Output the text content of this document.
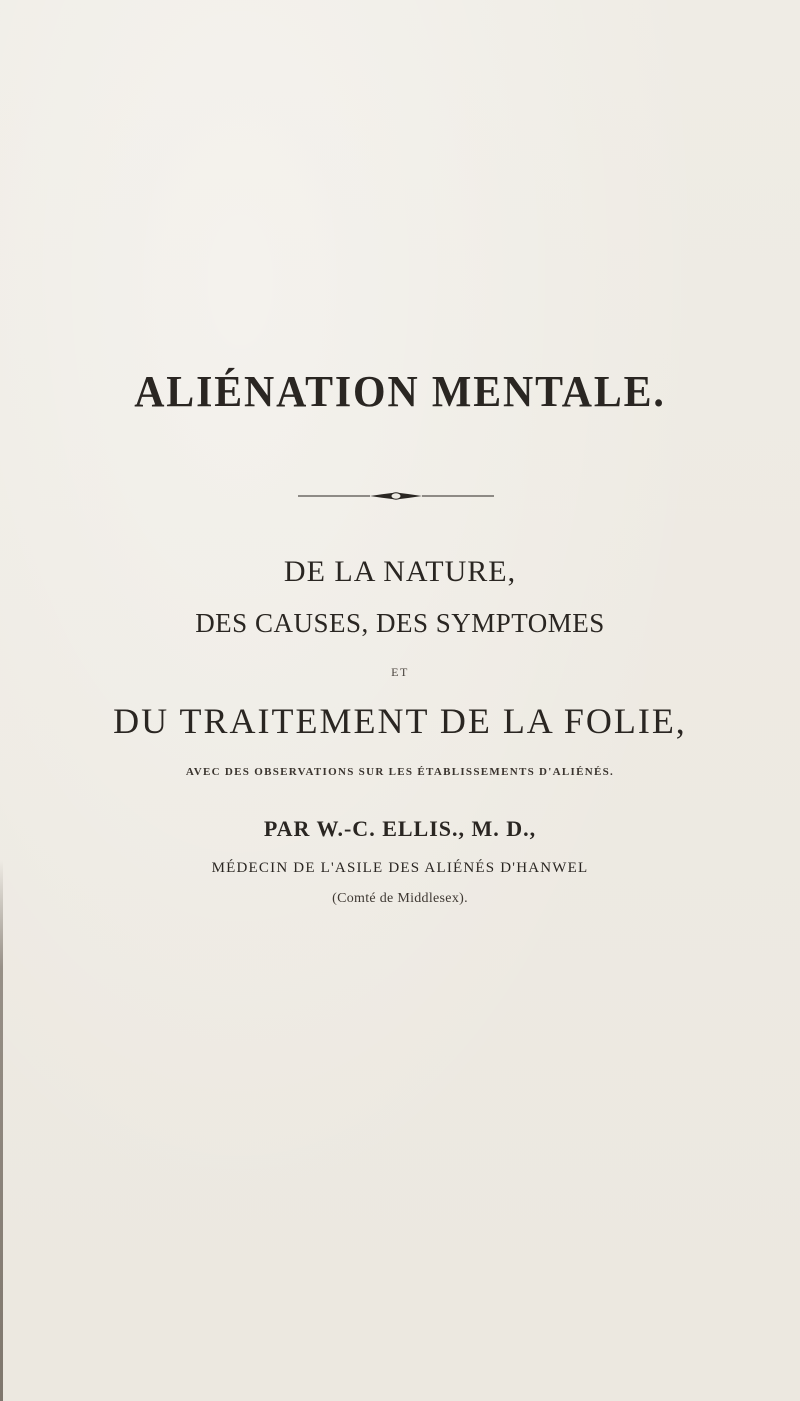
ALIÉNATION MENTALE.
DE LA NATURE,
DES CAUSES, DES SYMPTOMES
ET
DU TRAITEMENT DE LA FOLIE,
AVEC DES OBSERVATIONS SUR LES ÉTABLISSEMENTS D'ALIÉNÉS.
PAR W.-C. ELLIS., M. D.,
MÉDECIN DE L'ASILE DES ALIÉNÉS D'HANWEL
(Comté de Middlesex).
